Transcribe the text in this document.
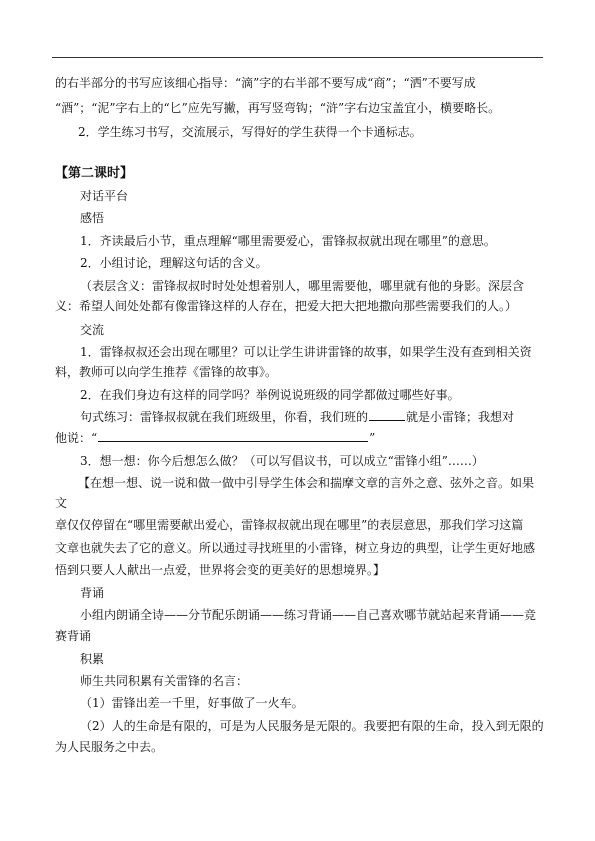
的右半部分的书写应该细心指导：“滴”字的右半部不要写成“商”；“洒”不要写成
“酒”；“泥”字右上的“匕”应先写撇，再写竖弯钩；“浒”字右边宝盖宜小，横要略长。
2．学生练习书写，交流展示，写得好的学生获得一个卡通标志。
【第二课时】
对话平台
感悟
1．齐读最后小节，重点理解“哪里需要爱心，雷锋叔叔就出现在哪里”的意思。
2．小组讨论，理解这句话的含义。
（表层含义：雷锋叔叔时时处处想着别人，哪里需要他，哪里就有他的身影。深层含
义：希望人间处处都有像雷锋这样的人存在，把爱大把大把地撒向那些需要我们的人。）
交流
1．雷锋叔叔还会出现在哪里？可以让学生讲讲雷锋的故事，如果学生没有查到相关资
料，教师可以向学生推荐《雷锋的故事》。
2．在我们身边有这样的同学吗？举例说说班级的同学都做过哪些好事。
句式练习：雷锋叔叔就在我们班级里，你看，我们班的	就是小雷锋；我想对
他说：“	”
3．想一想：你今后想怎么做？（可以写倡议书，可以成立“雷锋小组”……）
【在想一想、说一说和做一做中引导学生体会和揣摩文章的言外之意、弦外之音。如果
文
章仅仅停留在“哪里需要献出爱心，雷锋叔叔就出现在哪里”的表层意思，那我们学习这篇
文章也就失去了它的意义。所以通过寻找班里的小雷锋，树立身边的典型，让学生更好地感
悟到只要人人献出一点爱，世界将会变的更美好的思想境界。】
背诵
小组内朗诵全诗——分节配乐朗诵——练习背诵——自己喜欢哪节就站起来背诵——竞
赛背诵
积累
师生共同积累有关雷锋的名言：
（1）雷锋出差一千里，好事做了一火车。
（2）人的生命是有限的，可是为人民服务是无限的。我要把有限的生命，投入到无限的
为人民服务之中去。
